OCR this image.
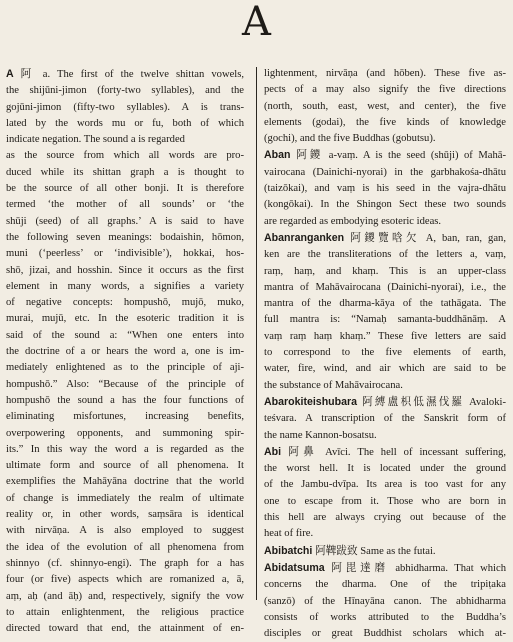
A
A 阿 a. The first of the twelve shittan vowels,
the shijūni-jimon (forty-two syllables), and the
gojūni-jimon (fifty-two syllables). A is trans-
lated by the words mu or fu, both of which
indicate negation. The sound a is regarded
as the source from which all words are pro-
duced while its shittan graph a is thought to
be the source of all other bonji. It is therefore
termed ‘the mother of all sounds’ or ‘the
shūji (seed) of all graphs.’ A is said to have
the following seven meanings: bodaishin, hōmon,
muni (‘peerless’ or ‘indivisible’), hokkai, hos-
shō, jizai, and hosshin. Since it occurs as the first
element in many words, a signifies a variety
of negative concepts: hompushō, mujō, muko,
murai, mujū, etc. In the esoteric tradition it is
said of the sound a: “When one enters into
the doctrine of a or hears the word a, one is im-
mediately enlightened as to the principle of aji-
hompushō.” Also: “Because of the principle of
hompushō the sound a has the four functions of
eliminating misfortunes, increasing benefits,
overpowering opponents, and summoning spir-
its.” In this way the word a is regarded as the
ultimate form and source of all phenomena. It
exemplifies the Mahāyāna doctrine that the world
of change is immediately the realm of ultimate
reality or, in other words, saṃsāra is identical
with nirvāṇa. A is also employed to suggest
the idea of the evolution of all phenomena from
shinnyo (cf. shinnyo-engi). The graph for a has
four (or five) aspects which are romanized a, ā,
aṃ, aḥ (and āḥ) and, respectively, signify the vow
to attain enlightenment, the religious practice
directed toward that end, the attainment of en-
lightenment, nirvāṇa (and hōben). These five as-
pects of a may also signify the five directions
(north, south, east, west, and center), the five
elements (godai), the five kinds of knowledge
(gochi), and the five Buddhas (gobutsu).
Aban 阿鑁 a-vaṃ. A is the seed (shūji) of Mahā-
vairocana (Dainichi-nyorai) in the garbhakośa-dhātu
(taizōkai), and vaṃ is his seed in the vajra-dhātu
(kongōkai). In the Shingon Sect these two sounds
are regarded as embodying esoteric ideas.
Abanranganken 阿鑁覽唅欠 A, ban, ran, gan,
ken are the transliterations of the letters a, vaṃ,
raṃ, haṃ, and khaṃ. This is an upper-class
mantra of Mahāvairocana (Dainichi-nyorai), i.e., the
mantra of the dharma-kāya of the tathāgata. The
full mantra is: “Namaḥ samanta-buddhānāṃ. A
vaṃ raṃ haṃ khaṃ.” These five letters are said
to correspond to the five elements of earth,
water, fire, wind, and air which are said to be
the substance of Mahāvairocana.
Abarokiteishubara 阿縛盧枳低濕伐羅 Avaloki-
teśvara. A transcription of the Sanskrit form of
the name Kannon-bosatsu.
Abi 阿鼻 Avīci. The hell of incessant suffering,
the worst hell. It is located under the ground
of the Jambu-dvīpa. Its area is too vast for any
one to escape from it. Those who are born in
this hell are always crying out because of the
heat of fire.
Abibatchi 阿鞞跋致 Same as the futai.
Abidatsuma 阿毘達磨 abhidharma. That which
concerns the dharma. One of the tripiṭaka
(sanzō) of the Hīnayāna canon. The abhidharma
consists of works attributed to the Buddha’s
disciples or great Buddhist scholars which at-
